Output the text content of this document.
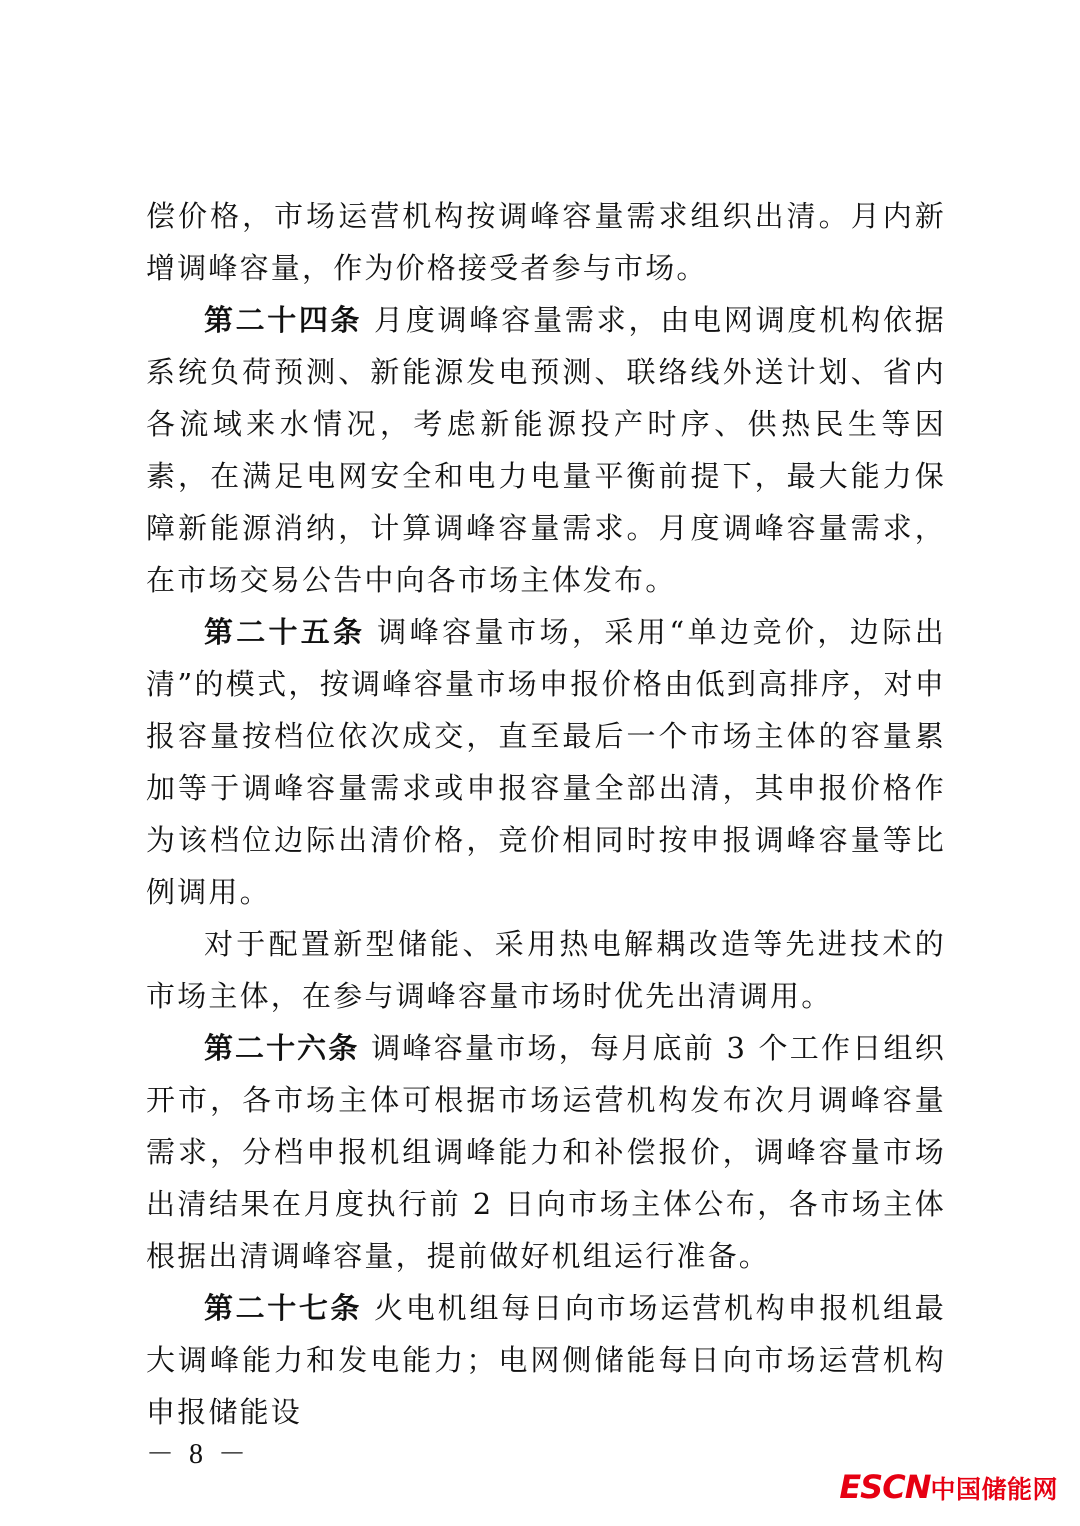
偿价格，市场运营机构按调峰容量需求组织出清。月内新增调峰容量，作为价格接受者参与市场。

第二十四条 月度调峰容量需求，由电网调度机构依据系统负荷预测、新能源发电预测、联络线外送计划、省内各流域来水情况，考虑新能源投产时序、供热民生等因素，在满足电网安全和电力电量平衡前提下，最大能力保障新能源消纳，计算调峰容量需求。月度调峰容量需求，在市场交易公告中向各市场主体发布。

第二十五条 调峰容量市场，采用“单边竞价，边际出清”的模式，按调峰容量市场申报价格由低到高排序，对申报容量按档位依次成交，直至最后一个市场主体的容量累加等于调峰容量需求或申报容量全部出清，其申报价格作为该档位边际出清价格，竞价相同时按申报调峰容量等比例调用。

对于配置新型储能、采用热电解耦改造等先进技术的市场主体，在参与调峰容量市场时优先出清调用。

第二十六条 调峰容量市场，每月底前 3 个工作日组织开市，各市场主体可根据市场运营机构发布次月调峰容量需求，分档申报机组调峰能力和补偿报价，调峰容量市场出清结果在月度执行前 2 日向市场主体公布，各市场主体根据出清调峰容量，提前做好机组运行准备。

第二十七条 火电机组每日向市场运营机构申报机组最大调峰能力和发电能力；电网侧储能每日向市场运营机构申报储能设

－ 8 －
ESCN中国储能网
